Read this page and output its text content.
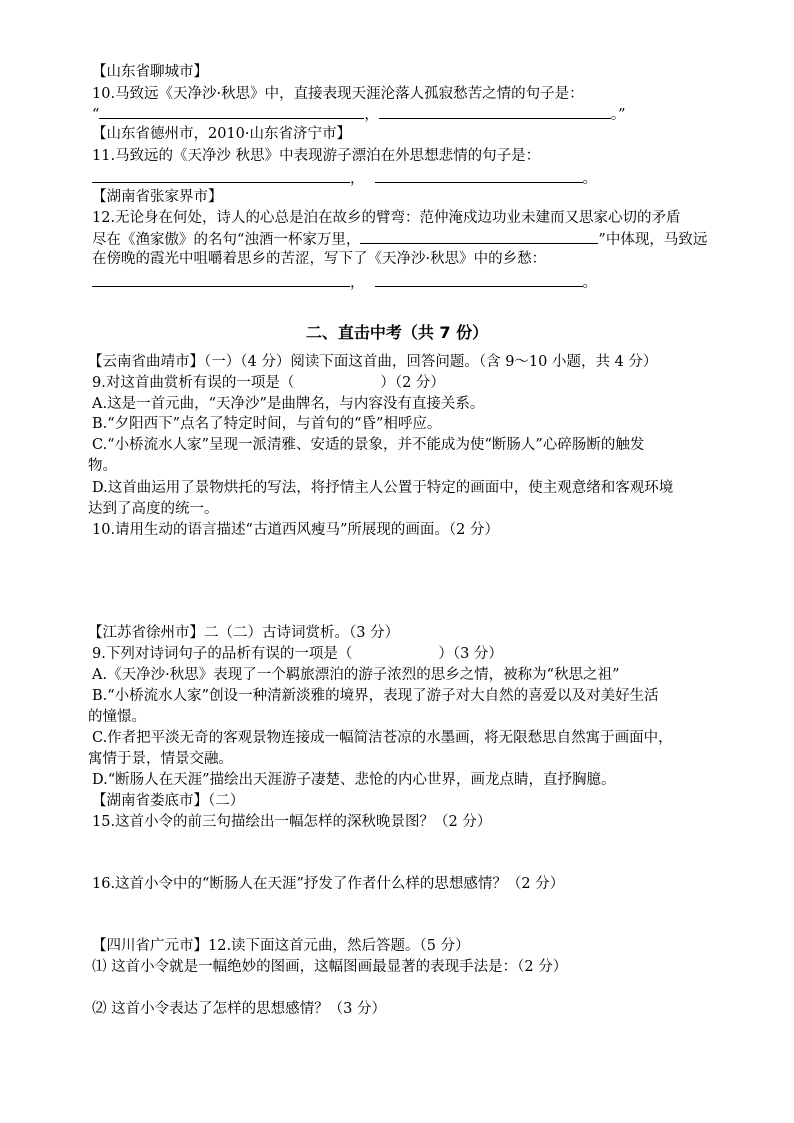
【山东省聊城市】
10.马致远《天净沙·秋思》中，直接表现天涯沦落人孤寂愁苦之情的句子是：
“	，	。”
【山东省德州市，2010·山东省济宁市】
11.马致远的《天净沙 秋思》中表现游子漂泊在外思想悲情的句子是：
，	。
【湖南省张家界市】
12.无论身在何处，诗人的心总是泊在故乡的臂弯：范仲淹戍边功业未建而又思家心切的矛盾
尽在《渔家傲》的名句“浊酒一杯家万里，	”中体现，马致远
在傍晚的霞光中咀嚼着思乡的苦涩，写下了《天净沙·秋思》中的乡愁：
，	。
二、直击中考（共 7 份）
【云南省曲靖市】（一）（4 分）阅读下面这首曲，回答问题。（含 9～10 小题，共 4 分）
9.对这首曲赏析有误的一项是（	）（2 分）
A.这是一首元曲，“天净沙”是曲牌名，与内容没有直接关系。
B.“夕阳西下”点名了特定时间，与首句的“昏”相呼应。
C.“小桥流水人家”呈现一派清雅、安适的景象，并不能成为使“断肠人”心碎肠断的触发
物。
D.这首曲运用了景物烘托的写法，将抒情主人公置于特定的画面中，使主观意绪和客观环境
达到了高度的统一。
10.请用生动的语言描述“古道西风瘦马”所展现的画面。（2 分）
【江苏省徐州市】二（二）古诗词赏析。（3 分）
9.下列对诗词句子的品析有误的一项是（	）（3 分）
A.《天净沙·秋思》表现了一个羁旅漂泊的游子浓烈的思乡之情，被称为“秋思之祖”
B.“小桥流水人家”创设一种清新淡雅的境界，表现了游子对大自然的喜爱以及对美好生活
的憧憬。
C.作者把平淡无奇的客观景物连接成一幅简洁苍凉的水墨画，将无限愁思自然寓于画面中，
寓情于景，情景交融。
D.“断肠人在天涯”描绘出天涯游子凄楚、悲怆的内心世界，画龙点睛，直抒胸臆。
【湖南省娄底市】（二）
15.这首小令的前三句描绘出一幅怎样的深秋晚景图？（2 分）
16.这首小令中的“断肠人在天涯”抒发了作者什么样的思想感情？（2 分）
【四川省广元市】12.读下面这首元曲，然后答题。（5 分）
⑴ 这首小令就是一幅绝妙的图画，这幅图画最显著的表现手法是：（2 分）
⑵ 这首小令表达了怎样的思想感情？（3 分）
